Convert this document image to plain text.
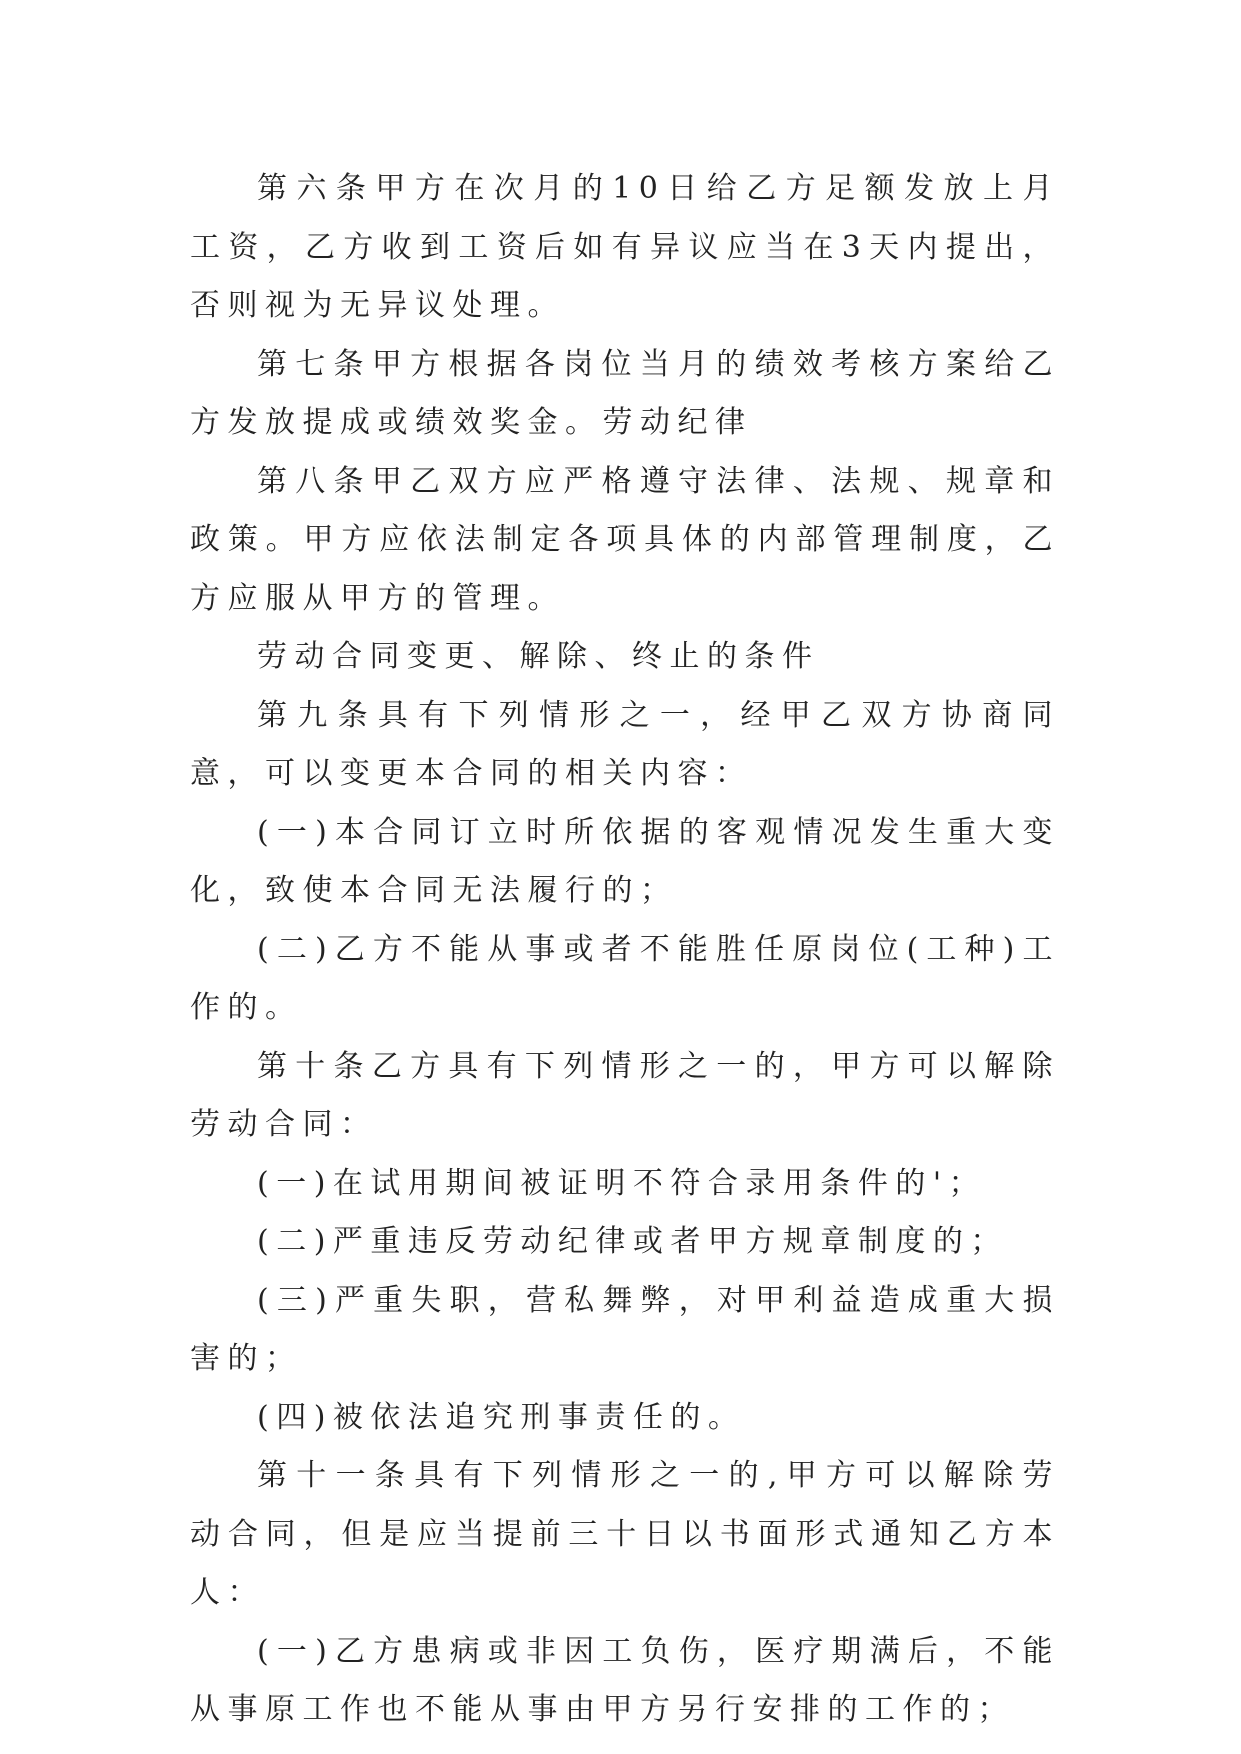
第六条甲方在次月的10日给乙方足额发放上月工资，乙方收到工资后如有异议应当在3天内提出，否则视为无异议处理。

第七条甲方根据各岗位当月的绩效考核方案给乙方发放提成或绩效奖金。劳动纪律

第八条甲乙双方应严格遵守法律、法规、规章和政策。甲方应依法制定各项具体的内部管理制度，乙方应服从甲方的管理。

劳动合同变更、解除、终止的条件

第九条具有下列情形之一，经甲乙双方协商同意，可以变更本合同的相关内容：

(一)本合同订立时所依据的客观情况发生重大变化，致使本合同无法履行的；

(二)乙方不能从事或者不能胜任原岗位(工种)工作的。

第十条乙方具有下列情形之一的，甲方可以解除劳动合同：

(一)在试用期间被证明不符合录用条件的'；

(二)严重违反劳动纪律或者甲方规章制度的；

(三)严重失职，营私舞弊，对甲利益造成重大损害的；

(四)被依法追究刑事责任的。

第十一条具有下列情形之一的,甲方可以解除劳动合同，但是应当提前三十日以书面形式通知乙方本人：

(一)乙方患病或非因工负伤，医疗期满后，不能从事原工作也不能从事由甲方另行安排的工作的；
